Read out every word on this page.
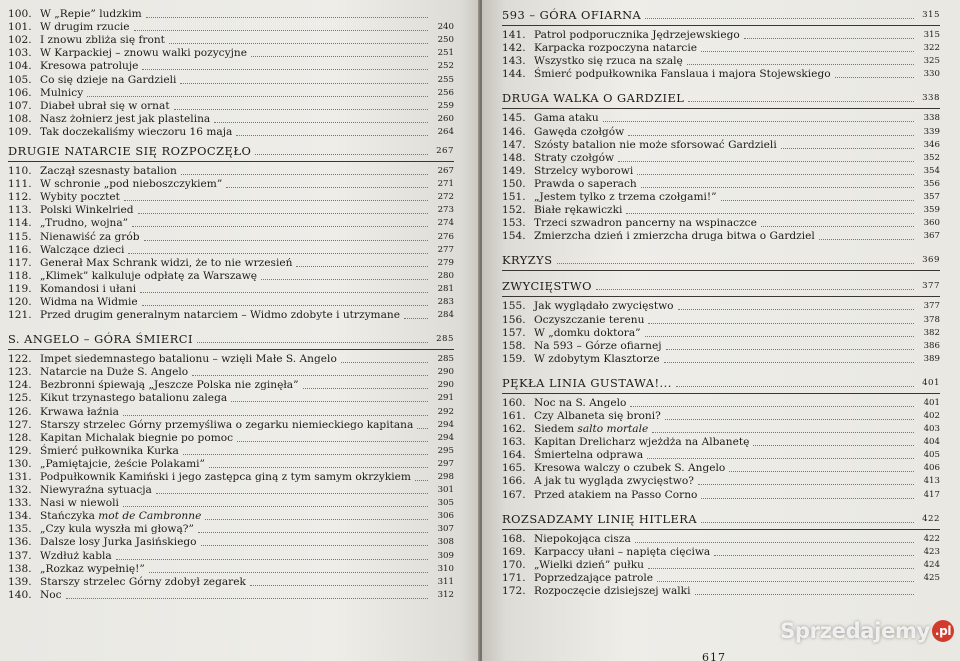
100. W „Repie” ludzkim
101. W drugim rzucie	240
102. I znowu zbliża się front	250
103. W Karpackiej – znowu walki pozycyjne	251
104. Kresowa patroluje	252
105. Co się dzieje na Gardzieli	255
106. Mulnicy	256
107. Diabeł ubrał się w ornat	259
108. Nasz żołnierz jest jak plastelina	260
109. Tak doczekaliśmy wieczoru 16 maja	264
DRUGIE NATARCIE SIĘ ROZPOCZĘŁO	267
110. Zaczął szesnasty batalion	267
111. W schronie „pod nieboszczykiem”	271
112. Wybity pocztet	272
113. Polski Winkelried	273
114. „Trudno, wojna”	274
115. Nienawiść za grób	276
116. Walczące dzieci	277
117. Generał Max Schrank widzi, że to nie wrzesień	279
118. „Klimek” kalkuluje odpłatę za Warszawę	280
119. Komandosi i ułani	281
120. Widma na Widmie	283
121. Przed drugim generalnym natarciem – Widmo zdobyte i utrzymane	284
S. ANGELO – GÓRA ŚMIERCI	285
122. Impet siedemnastego batalionu – wzięli Małe S. Angelo	285
123. Natarcie na Duże S. Angelo	290
124. Bezbronni śpiewają „Jeszcze Polska nie zginęła”	290
125. Kikut trzynastego batalionu zalega	291
126. Krwawa łaźnia	292
127. Starszy strzelec Górny przemyśliwa o zegarku niemieckiego kapitana	294
128. Kapitan Michalak biegnie po pomoc	294
129. Śmierć pułkownika Kurka	295
130. „Pamiętajcie, żeście Polakami”	297
131. Podpułkownik Kamiński i jego zastępca giną z tym samym okrzykiem	298
132. Niewyraźna sytuacja	301
133. Nasi w niewoli	305
134. Stańczyka mot de Cambronne	306
135. „Czy kula wyszła mi głową?”	307
136. Dalsze losy Jurka Jasińskiego	308
137. Wzdłuż kabla	309
138. „Rozkaz wypełnię!”	310
139. Starszy strzelec Górny zdobył zegarek	311
140. Noc	312
593 – GÓRA OFIARNA	315
141. Patrol podporucznika Jędrzejewskiego	315
142. Karpacka rozpoczyna natarcie	322
143. Wszystko się rzuca na szalę	325
144. Śmierć podpułkownika Fanslaua i majora Stojewskiego	330
DRUGA WALKA O GARDZIEL	338
145. Gama ataku	338
146. Gawęda czołgów	339
147. Szósty batalion nie może sforsować Gardzieli	346
148. Straty czołgów	352
149. Strzelcy wyborowi	354
150. Prawda o saperach	356
151. „Jestem tylko z trzema czołgami!”	357
152. Białe rękawiczki	359
153. Trzeci szwadron pancerny na wspinaczce	360
154. Zmierzcha dzień i zmierzcha druga bitwa o Gardziel	367
KRYZYS	369
ZWYCIĘSTWO	377
155. Jak wyglądało zwycięstwo	377
156. Oczyszczanie terenu	378
157. W „domku doktora”	382
158. Na 593 – Górze ofiarnej	386
159. W zdobytym Klasztorze	389
PĘKŁA LINIA GUSTAWA!...	401
160. Noc na S. Angelo	401
161. Czy Albaneta się broni?	402
162. Siedem salto mortale	403
163. Kapitan Drelicharz wjeżdża na Albanetę	404
164. Śmiertelna odprawa	405
165. Kresowa walczy o czubek S. Angelo	406
166. A jak tu wygląda zwycięstwo?	413
167. Przed atakiem na Passo Corno	417
ROZSADZAMY LINIĘ HITLERA	422
168. Niepokojąca cisza	422
169. Karpaccy ułani – napięta cięciwa	423
170. „Wielki dzień” pułku	424
171. Poprzedzające patrole	425
172. Rozpoczęcie dzisiejszej walki
617
Sprzedajemy .pl
